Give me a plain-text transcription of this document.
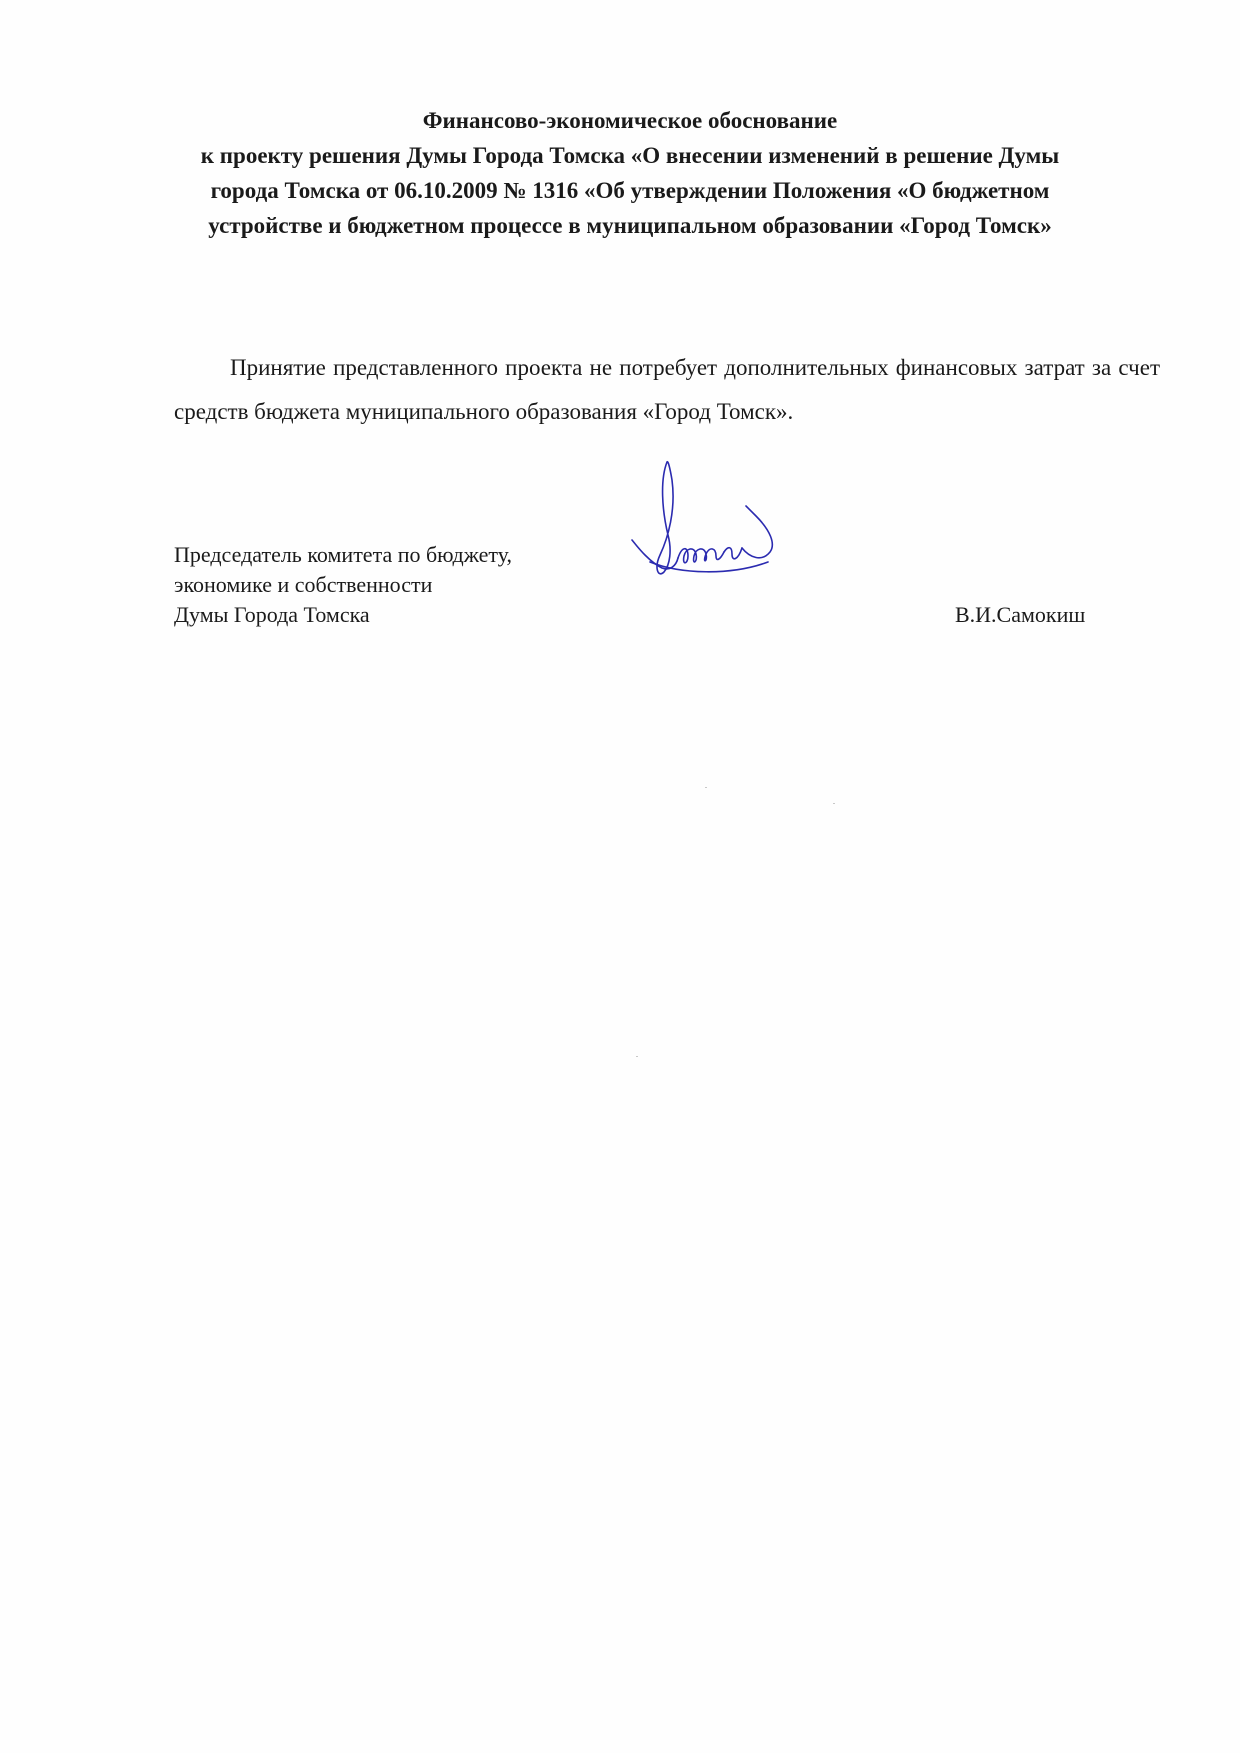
Финансово-экономическое обоснование
к проекту решения Думы Города Томска «О внесении изменений в решение Думы
города Томска от 06.10.2009 № 1316 «Об утверждении Положения «О бюджетном
устройстве и бюджетном процессе в муниципальном образовании «Город Томск»

Принятие представленного проекта не потребует дополнительных финансовых затрат за счет средств бюджета муниципального образования «Город Томск».

Председатель комитета по бюджету,
экономике и собственности
Думы Города Томска	В.И.Самокиш
